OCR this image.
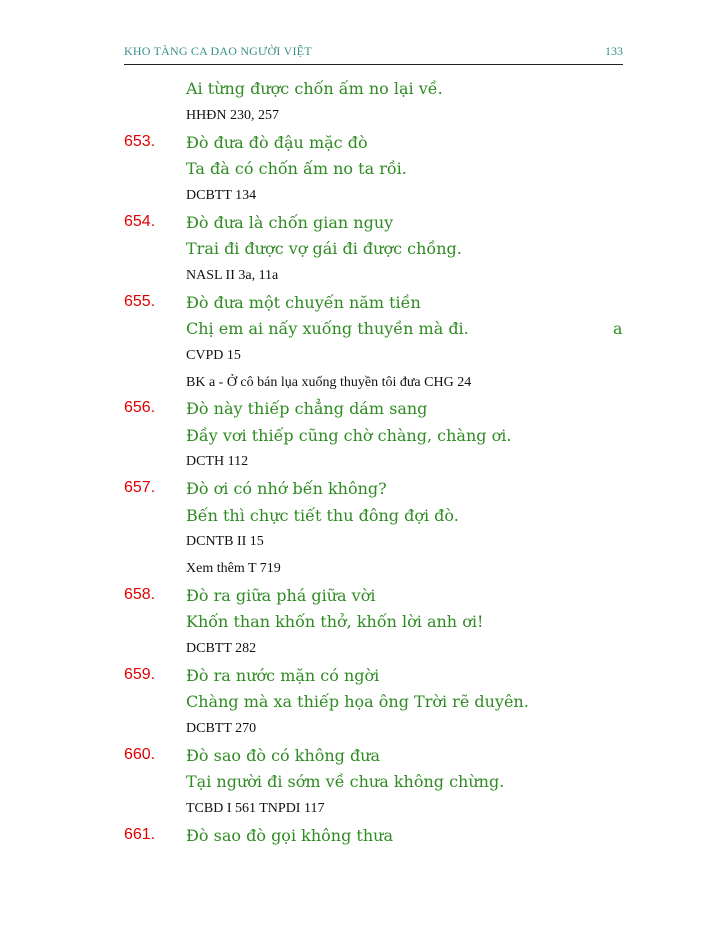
KHO TÀNG CA DAO NGƯỜI VIỆT	133
Ai từng được chốn ấm no lại về.
HHĐN 230, 257
653. Đò đưa đò đậu mặc đò
Ta đà có chốn ấm no ta rồi.
DCBTT 134
654. Đò đưa là chốn gian nguy
Trai đi được vợ gái đi được chồng.
NASL II 3a, 11a
655. Đò đưa một chuyến năm tiền
Chị em ai nấy xuống thuyền mà đi.	a
CVPD 15
BK a - Ở cô bán lụa xuống thuyền tôi đưa CHG 24
656. Đò này thiếp chẳng dám sang
Đầy vơi thiếp cũng chờ chàng, chàng ơi.
DCTH 112
657. Đò ơi có nhớ bến không?
Bến thì chực tiết thu đông đợi đò.
DCNTB II 15
Xem thêm T 719
658. Đò ra giữa phá giữa vời
Khốn than khốn thở, khốn lời anh ơi!
DCBTT 282
659. Đò ra nước mặn có ngời
Chàng mà xa thiếp họa ông Trời rẽ duyên.
DCBTT 270
660. Đò sao đò có không đưa
Tại người đi sớm về chưa không chừng.
TCBD I 561 TNPDI 117
661. Đò sao đò gọi không thưa
